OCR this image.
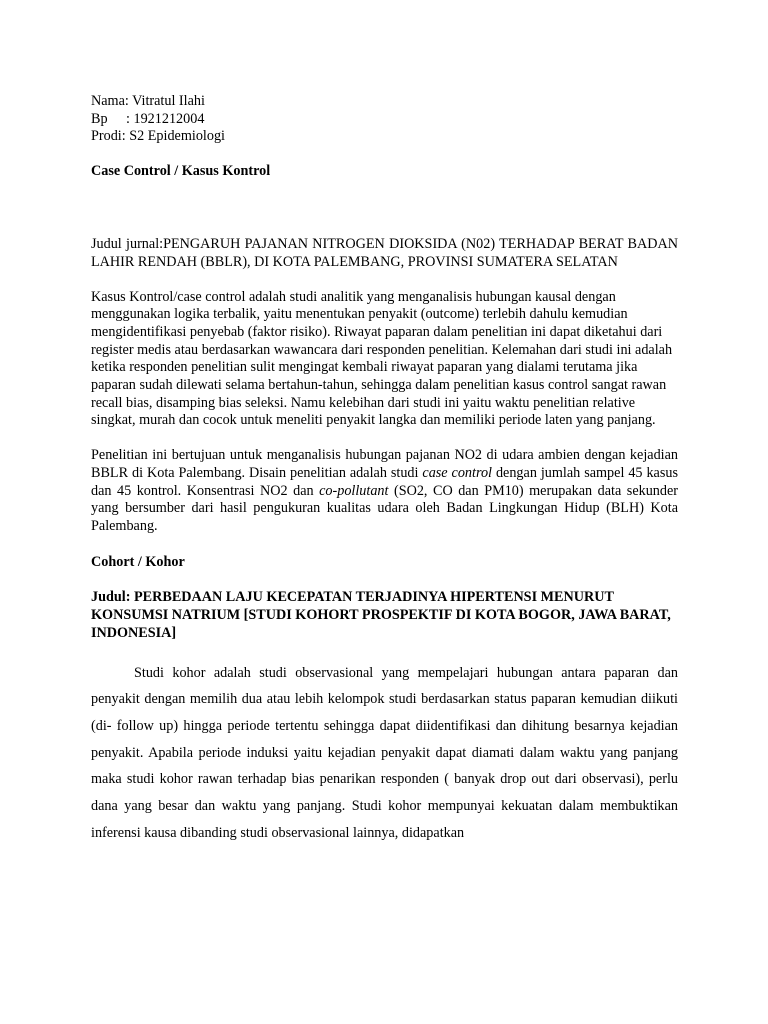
Nama: Vitratul Ilahi
Bp	: 1921212004
Prodi: S2 Epidemiologi
Case Control / Kasus Kontrol

Judul jurnal:PENGARUH PAJANAN NITROGEN DIOKSIDA (N02) TERHADAP BERAT BADAN LAHIR RENDAH (BBLR), DI KOTA PALEMBANG, PROVINSI SUMATERA SELATAN

Kasus Kontrol/case control adalah studi analitik yang menganalisis hubungan kausal dengan menggunakan logika terbalik, yaitu menentukan penyakit (outcome) terlebih dahulu kemudian mengidentifikasi penyebab (faktor risiko). Riwayat paparan dalam penelitian ini dapat diketahui dari register medis atau berdasarkan wawancara dari responden penelitian. Kelemahan dari studi ini adalah ketika responden penelitian sulit mengingat kembali riwayat paparan yang dialami terutama jika paparan sudah dilewati selama bertahun-tahun, sehingga dalam penelitian kasus control sangat rawan recall bias, disamping bias seleksi. Namu kelebihan dari studi ini yaitu waktu penelitian relative singkat, murah dan cocok untuk meneliti penyakit langka dan memiliki periode laten yang panjang.

Penelitian ini bertujuan untuk menganalisis hubungan pajanan NO2 di udara ambien dengan kejadian BBLR di Kota Palembang. Disain penelitian adalah studi case control dengan jumlah sampel 45 kasus dan 45 kontrol. Konsentrasi NO2 dan co-pollutant (SO2, CO dan PM10) merupakan data sekunder yang bersumber dari hasil pengukuran kualitas udara oleh Badan Lingkungan Hidup (BLH) Kota Palembang.

Cohort / Kohor

Judul: PERBEDAAN LAJU KECEPATAN TERJADINYA HIPERTENSI MENURUT KONSUMSI NATRIUM [STUDI KOHORT PROSPEKTIF DI KOTA BOGOR, JAWA BARAT, INDONESIA]

Studi kohor adalah studi observasional yang mempelajari hubungan antara paparan dan penyakit dengan memilih dua atau lebih kelompok studi berdasarkan status paparan kemudian diikuti (di- follow up) hingga periode tertentu sehingga dapat diidentifikasi dan dihitung besarnya kejadian penyakit. Apabila periode induksi yaitu kejadian penyakit dapat diamati dalam waktu yang panjang maka studi kohor rawan terhadap bias penarikan responden ( banyak drop out dari observasi), perlu dana yang besar dan waktu yang panjang. Studi kohor mempunyai kekuatan dalam membuktikan inferensi kausa dibanding studi observasional lainnya, didapatkan
